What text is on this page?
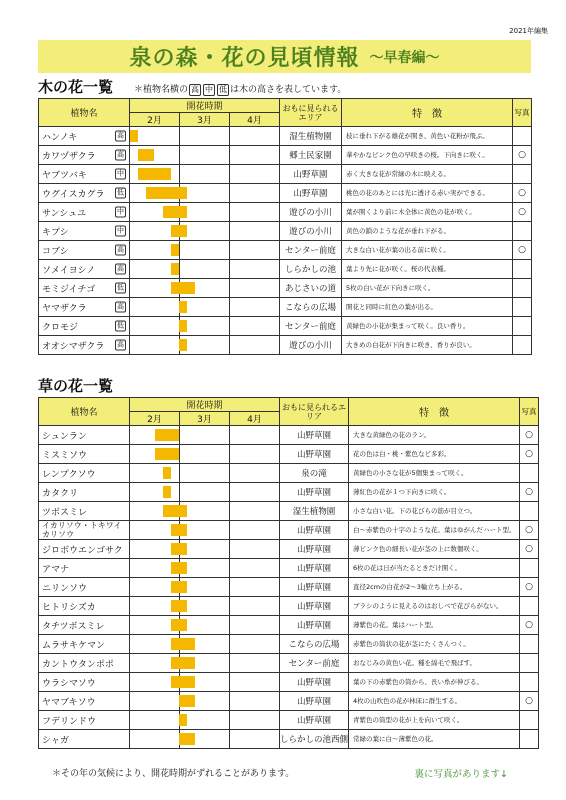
2021年編集
泉の森・花の見頃情報 〜早春編〜
木の花一覧 ＊植物名横の 高 中 低 は木の高さを表しています。
植物名	開花時期			おもに見られるエリア	特　徴	写真
	2月	3月	4月			
ハンノキ 高				湿生植物園	枝に垂れ下がる雄花が開き、黄色い花粉が飛ぶ。	
カワヅザクラ 高				郷土民家園	華やかなピンク色の早咲きの桜。下向きに咲く。	○
ヤブツバキ 中				山野草園	赤く大きな花が常緑の木に映える。	
ウグイスカグラ 低				山野草園	桃色の花のあとには光に透ける赤い実ができる。	○
サンシュユ 中				遊びの小川	葉が開くより前に木全体に黄色の花が咲く。	○
キブシ 中				遊びの小川	黄色の鎖のような花が垂れ下がる。	
コブシ 高				センター前庭	大きな白い花が葉の出る前に咲く。	○
ソメイヨシノ 高				しらかしの池	葉より先に花が咲く。桜の代表種。	
モミジイチゴ 低				あじさいの道	5枚の白い花が下向きに咲く。	
ヤマザクラ 高				こならの広場	開花と同時に紅色の葉が出る。	
クロモジ 低				センター前庭	黄緑色の小花が集まって咲く。良い香り。	
オオシマザクラ 高				遊びの小川	大きめの白花が下向きに咲き、香りが良い。	
草の花一覧
植物名	開花時期			おもに見られるエリア	特　徴	写真
	2月	3月	4月			
シュンラン				山野草園	大きな黄緑色の花のラン。	○
ミスミソウ				山野草園	花の色は白・桃・紫色など多彩。	○
レンプクソウ				泉の滝	黄緑色の小さな花が5個集まって咲く。	
カタクリ				山野草園	薄紅色の花が１つ下向きに咲く。	○
ツボスミレ				湿生植物園	小さな白い花。下の花びらの筋が目立つ。	
イカリソウ・トキワイカリソウ				山野草園	白〜赤紫色の十字のような花。葉はゆがんだハート型。	○
ジロボウエンゴサク				山野草園	薄ピンク色の細長い花が茎の上に数個咲く。	○
アマナ				山野草園	6枚の花は日が当たるときだけ開く。	
ニリンソウ				山野草園	直径2cmの白花が2〜3輪立ち上がる。	○
ヒトリシズカ				山野草園	ブラシのように見えるのはおしべで花びらがない。	
タチツボスミレ				山野草園	薄紫色の花。葉はハート型。	○
ムラサキケマン				こならの広場	赤紫色の筒状の花が茎にたくさんつく。	
カントウタンポポ				センター前庭	おなじみの黄色い花。種を綿毛で飛ばす。	
ウラシマソウ				山野草園	葉の下の赤紫色の筒から、長い糸が伸びる。	
ヤマブキソウ				山野草園	4枚の山吹色の花が林床に群生する。	○
フデリンドウ				山野草園	青紫色の筒型の花が上を向いて咲く。	
シャガ				しらかしの池西側	常緑の葉に白〜薄紫色の花。	
＊その年の気候により、開花時期がずれることがあります。	裏に写真があります↓
